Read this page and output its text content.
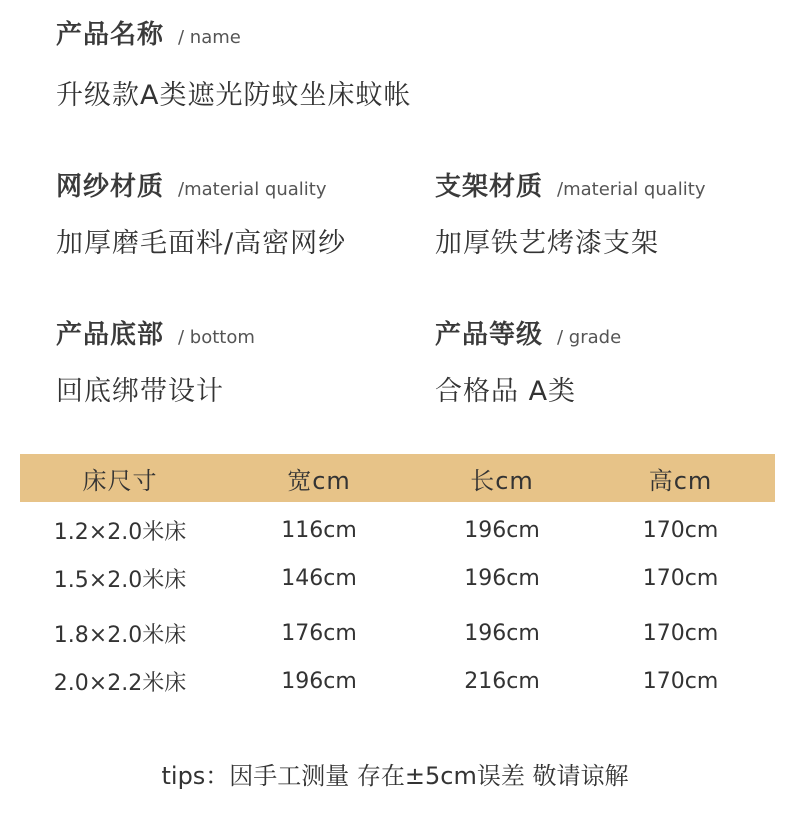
产品名称 / name
升级款A类遮光防蚊坐床蚊帐
网纱材质 /material quality
加厚磨毛面料/高密网纱
支架材质 /material quality
加厚铁艺烤漆支架
产品底部 / bottom
回底绑带设计
产品等级 / grade
合格品 A类
床尺寸	宽cm	长cm	高cm
1.2×2.0米床	116cm	196cm	170cm
1.5×2.0米床	146cm	196cm	170cm
1.8×2.0米床	176cm	196cm	170cm
2.0×2.2米床	196cm	216cm	170cm
tips：因手工测量 存在±5cm误差 敬请谅解
